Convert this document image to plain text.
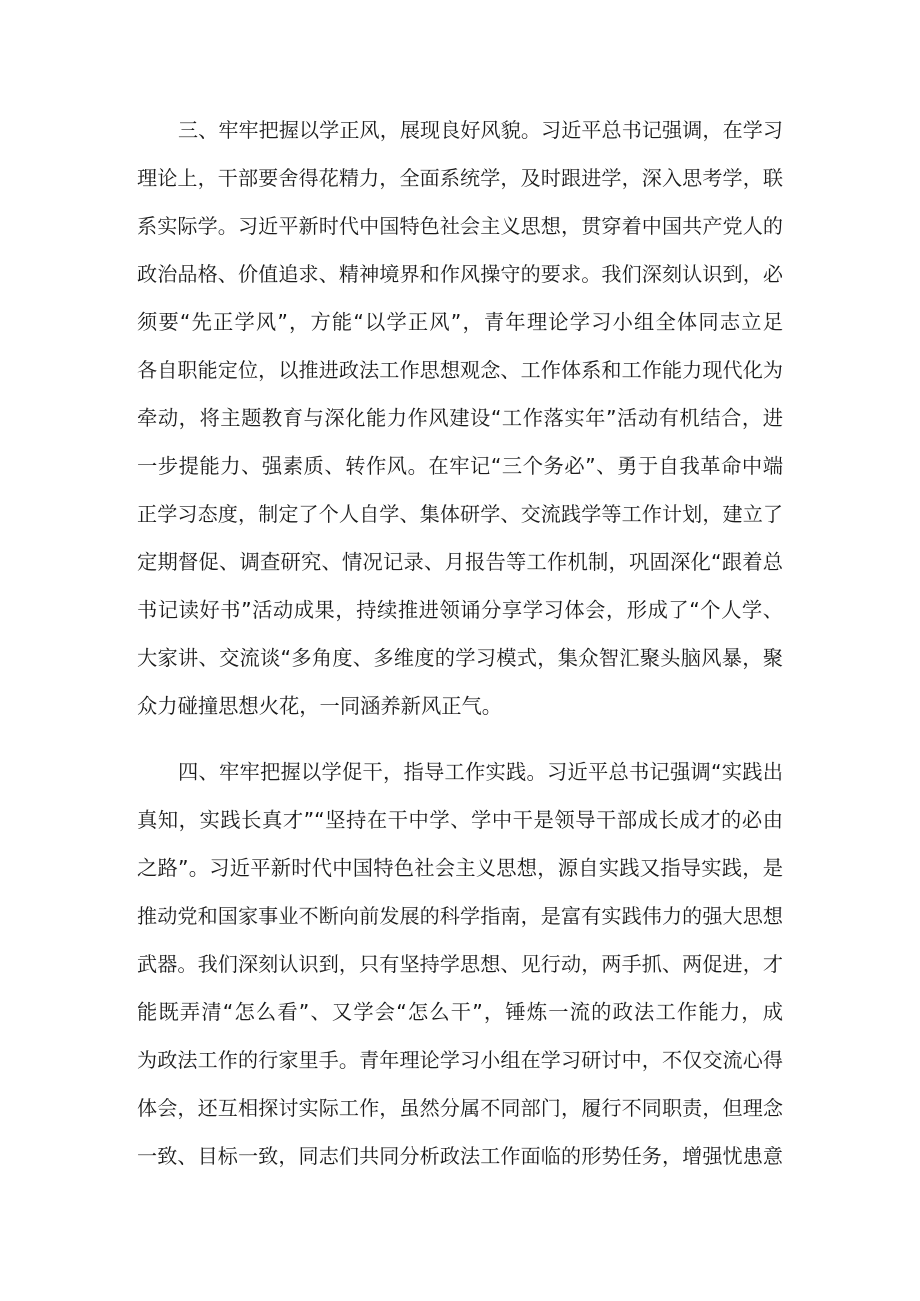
三、牢牢把握以学正风，展现良好风貌。习近平总书记强调，在学习

理论上，干部要舍得花精力，全面系统学，及时跟进学，深入思考学，联

系实际学。习近平新时代中国特色社会主义思想，贯穿着中国共产党人的

政治品格、价值追求、精神境界和作风操守的要求。我们深刻认识到，必

须要“先正学风”，方能“以学正风”，青年理论学习小组全体同志立足

各自职能定位，以推进政法工作思想观念、工作体系和工作能力现代化为

牵动，将主题教育与深化能力作风建设“工作落实年”活动有机结合，进

一步提能力、强素质、转作风。在牢记“三个务必”、勇于自我革命中端

正学习态度，制定了个人自学、集体研学、交流践学等工作计划，建立了

定期督促、调查研究、情况记录、月报告等工作机制，巩固深化“跟着总

书记读好书”活动成果，持续推进领诵分享学习体会，形成了“个人学、

大家讲、交流谈“多角度、多维度的学习模式，集众智汇聚头脑风暴，聚

众力碰撞思想火花，一同涵养新风正气。

四、牢牢把握以学促干，指导工作实践。习近平总书记强调“实践出

真知，实践长真才”“坚持在干中学、学中干是领导干部成长成才的必由

之路”。习近平新时代中国特色社会主义思想，源自实践又指导实践，是

推动党和国家事业不断向前发展的科学指南，是富有实践伟力的强大思想

武器。我们深刻认识到，只有坚持学思想、见行动，两手抓、两促进，才

能既弄清“怎么看”、又学会“怎么干”，锤炼一流的政法工作能力，成

为政法工作的行家里手。青年理论学习小组在学习研讨中，不仅交流心得

体会，还互相探讨实际工作，虽然分属不同部门，履行不同职责，但理念

一致、目标一致，同志们共同分析政法工作面临的形势任务，增强忧患意
